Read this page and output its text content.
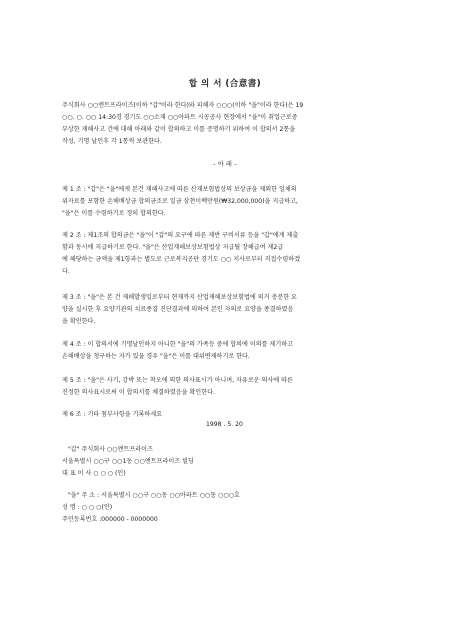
합 의 서 (合意書)

주식회사 ○○엔트프라이즈(이하 "갑"이라 한다)와 피해자 ○○○(이하 "을"이라 한다)은 19
○○. ○. ○○ 14:30경 경기도 ○○소재 ○○아파트 시공공사 현장에서 "을"이 취업근로중
부상한 재해사고 건에 대해 아래와 같이 합의하고 이를 증명하기 위하여 이 합의서 2통을
작성, 기명 날인후 각 1통씩 보관한다.

- 아 래 -

제 1 조 : "갑"은 "을"에게 본건 재해사고에 따른 산재보험법상의 보상금을 제외한 일체의
위자료를 포함한 손해배상금 합의금조로 일금 삼천이백만원(₩32,000,000)을 지급하고,
"을"은 이를 수령하기로 정히 합의한다.

제 2 조 : 제1조의 합의금은 "을"이 "갑"의 요구에 따른 제반 구비서류 등을 "갑"에게 제출
함과 동시에 지급하기로 한다. "을"은 산업재해보상보험법상 지급될 장해급여 제2급
에 해당하는 금액을 제1항과는 별도로 근로복지공단 경기도 ○○ 지사로부터 직접수령하겠
다.

제 3 조 : "을"은 본 건 재해발생일로부터 현재까지 산업재해보상보험법에 의거 충분한 요
양을 실시한 후 요양기관의 치료종결 진단결과에 의하여 본인 자의로 요양을 종결하였음
을 확인한다.

제 4 조 : 이 합의서에 기명날인하지 아니한 "을"의 가족등 중에 합의에 이의를 제기하고
손해배상을 청구하는 자가 있을 경우 "을"은 이를 대위변제하기로 한다.

제 5 조 : "을"은 사기, 강박 또는 착오에 의한 의사표시가 아니며, 자유로운 의사에 따른
진정한 의사표시로써 이 합의서를 체결하였음을 확인한다.

제 6 조 : 기타 첨부사항을 기록하세요

1998 . 5. 20
"갑" 주식회사 ○○엔트프라이즈
서울특별시 ○○구 ○○1동 ○○엔트프라이즈 빌딩
대 표 이 사 ○ ○ ○ (인)
"을" 주 소 : 서울특별시 ○○구 ○○동 ○○아파트 ○○동 ○○○호
성 명 : ○ ○ ○(인)
주민등록번호 :000000 - 0000000
